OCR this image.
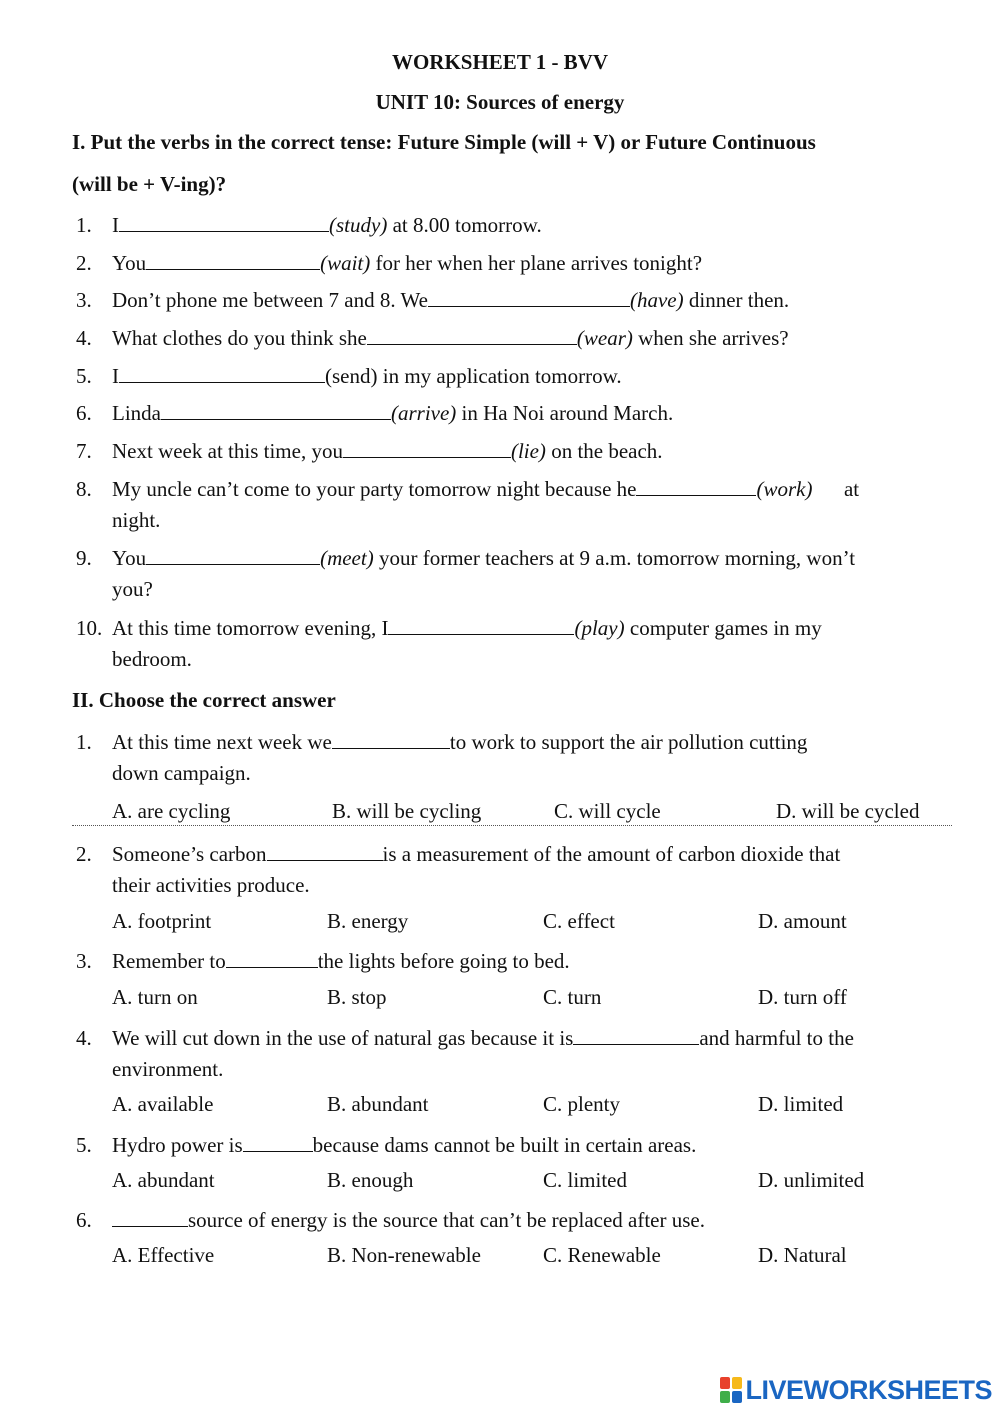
WORKSHEET 1 - BVV
UNIT 10: Sources of energy
I. Put the verbs in the correct tense: Future Simple (will + V) or Future Continuous
(will be + V-ing)?
1. I	(study) at 8.00 tomorrow.
2. You	(wait) for her when her plane arrives tonight?
3. Don’t phone me between 7 and 8. We	(have) dinner then.
4. What clothes do you think she	(wear) when she arrives?
5. I	(send) in my application tomorrow.
6. Linda	(arrive) in Ha Noi around March.
7. Next week at this time, you	(lie) on the beach.
8. My uncle can’t come to your party tomorrow night because he	(work)      at
night.
9. You	(meet) your former teachers at 9 a.m. tomorrow morning, won’t
you?
10. At this time tomorrow evening, I	(play) computer games in my
bedroom.
II. Choose the correct answer
1. At this time next week we	to work to support the air pollution cutting
down campaign.
A. are cycling	B. will be cycling	C. will cycle	D. will be cycled
2. Someone’s carbon	is a measurement of the amount of carbon dioxide that
their activities produce.
A. footprint	B. energy	C. effect	D. amount
3. Remember to	the lights before going to bed.
A. turn on	B. stop	C. turn	D. turn off
4. We will cut down in the use of natural gas because it is	and harmful to the
environment.
A. available	B. abundant	C. plenty	D. limited
5. Hydro power is	because dams cannot be built in certain areas.
A. abundant	B. enough	C. limited	D. unlimited
6.	source of energy is the source that can’t be replaced after use.
A. Effective	B. Non-renewable	C. Renewable	D. Natural
LIVEWORKSHEETS
